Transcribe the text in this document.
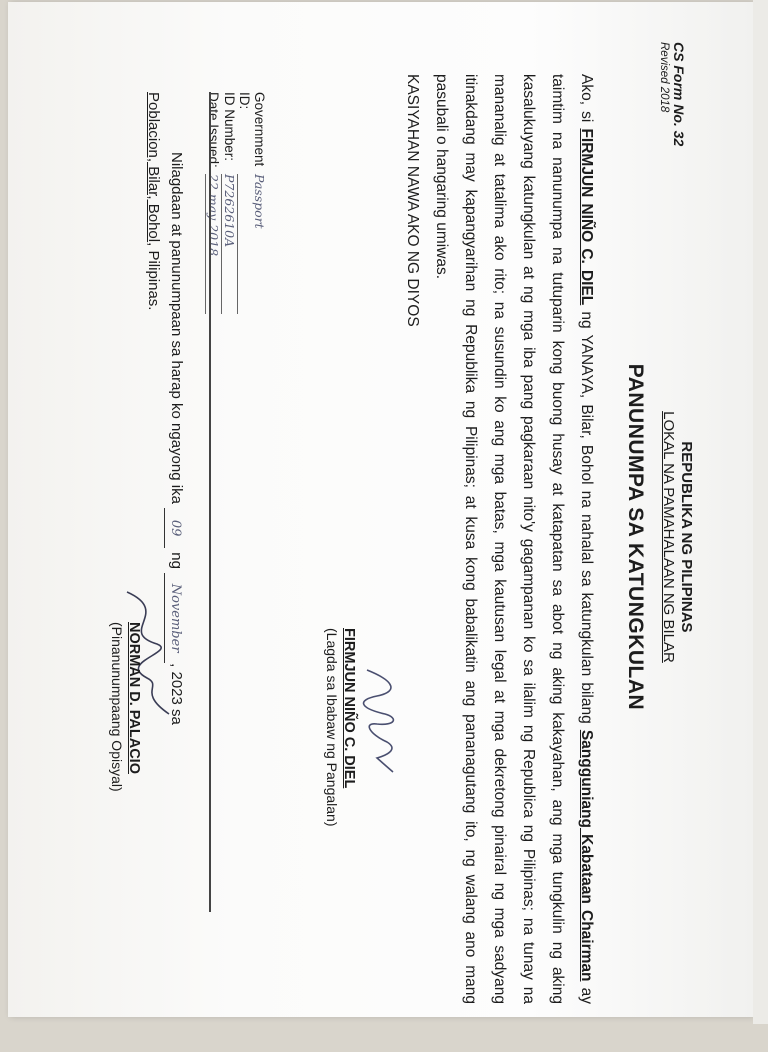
CS Form No. 32
Revised 2018
REPUBLIKA NG PILIPINAS
LOKAL NA PAMAHALAAN NG BILAR
PANUNUMPA SA KATUNGKULAN

Ako, si FIRMJUN NIÑO C. DIEL ng YANAYA, Bilar, Bohol na nahalal sa katungkulan bilang Sangguniang Kabataan Chairman ay taimtim na nanunumpa na tutuparin kong buong husay at katapatan sa abot ng aking kakayahan, ang mga tungkulin ng aking kasalukuyang katungkulan at ng mga iba pang pagkaraan nito'y gagampanan ko sa ilalim ng Republica ng Pilipinas; na tunay na mananalig at tatalima ako rito; na susundin ko ang mga batas, mga kautusan legal at mga dekretong pinairal ng mga sadyang itinakdang may kapangyarihan ng Republika ng Pilipinas; at kusa kong babalikatin ang pananagutang ito, ng walang ano mang pasubali o hangaring umiwas.

KASIYAHAN NAWA AKO NG DIYOS

FIRMJUN NIÑO C. DIEL
(Lagda sa Ibabaw ng Pangalan)
Government ID:
Passport
ID Number:
P7262610A
Date Issued:
22 may 2018
Nilagdaan at panunumpaan sa harap ko ngayong ika 09 ng November, 2023 sa
Poblacion, Bilar, Bohol, Pilipinas.
NORMAN D. PALACIO
(Pinanunumpaang Opisyal)
